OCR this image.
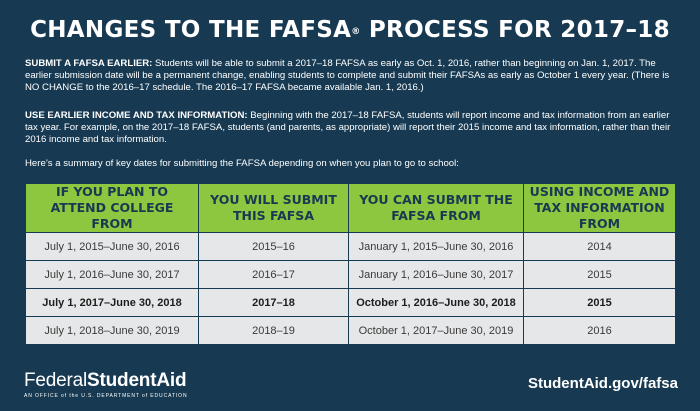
CHANGES TO THE FAFSA® PROCESS FOR 2017–18
SUBMIT A FAFSA EARLIER: Students will be able to submit a 2017–18 FAFSA as early as Oct. 1, 2016, rather than beginning on Jan. 1, 2017. The earlier submission date will be a permanent change, enabling students to complete and submit their FAFSAs as early as October 1 every year. (There is NO CHANGE to the 2016–17 schedule. The 2016–17 FAFSA became available Jan. 1, 2016.)
USE EARLIER INCOME AND TAX INFORMATION: Beginning with the 2017–18 FAFSA, students will report income and tax information from an earlier tax year. For example, on the 2017–18 FAFSA, students (and parents, as appropriate) will report their 2015 income and tax information, rather than their 2016 income and tax information.
Here’s a summary of key dates for submitting the FAFSA depending on when you plan to go to school:
IF YOU PLAN TO ATTEND COLLEGE FROM	YOU WILL SUBMIT THIS FAFSA	YOU CAN SUBMIT THE FAFSA FROM	USING INCOME AND TAX INFORMATION FROM
July 1, 2015–June 30, 2016	2015–16	January 1, 2015–June 30, 2016	2014
July 1, 2016–June 30, 2017	2016–17	January 1, 2016–June 30, 2017	2015
July 1, 2017–June 30, 2018	2017–18	October 1, 2016–June 30, 2018	2015
July 1, 2018–June 30, 2019	2018–19	October 1, 2017–June 30, 2019	2016
FederalStudentAid
AN OFFICE of the U.S. DEPARTMENT of EDUCATION
StudentAid.gov/fafsa
